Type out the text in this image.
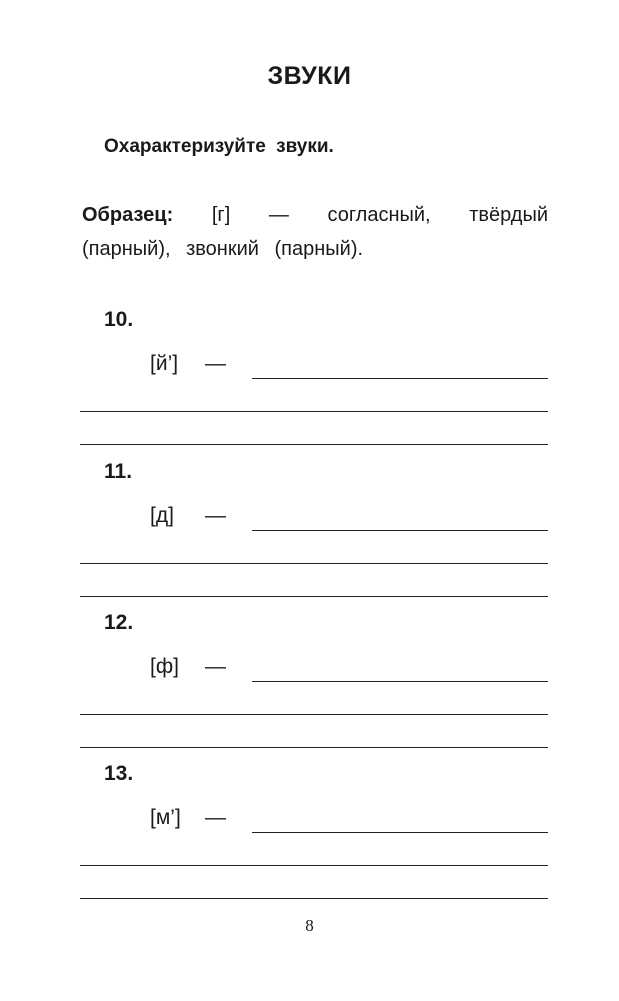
ЗВУКИ
Охарактеризуйте звуки.
Образец: [г] — согласный, твёрдый
(парный), звонкий (парный).
10.
[й’] —
11.
[д] —
12.
[ф] —
13.
[м’] —
8
